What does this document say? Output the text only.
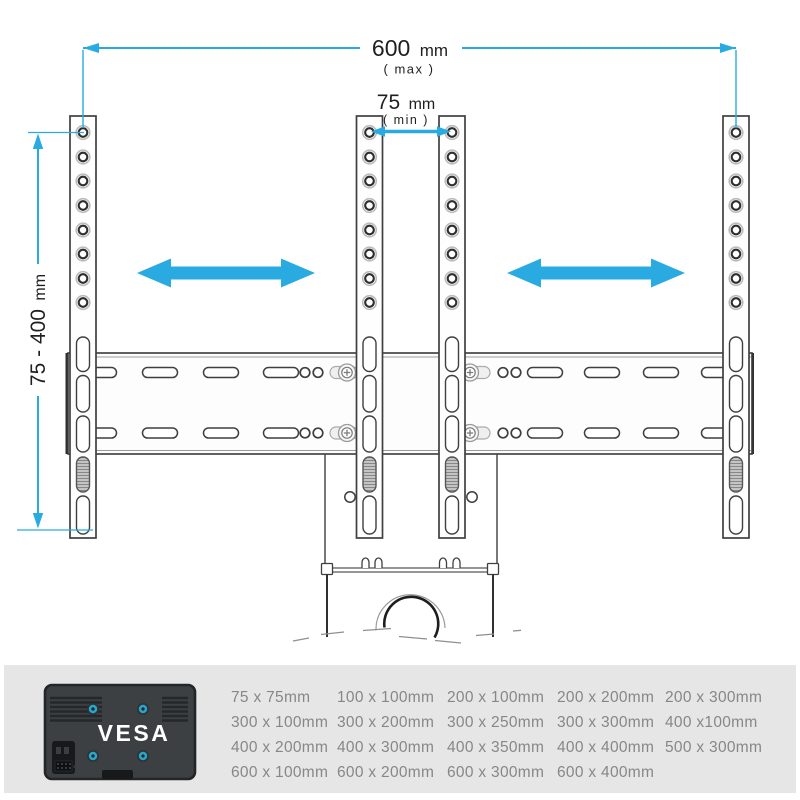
600 mm
( max )
75 mm
( min )
75 - 400 mm
VESA
75 x 75mm	100 x 100mm 200 x 100mm 200 x 200mm 200 x 300mm
300 x 100mm 300 x 200mm 300 x 250mm 300 x 300mm 400 x100mm
400 x 200mm 400 x 300mm 400 x 350mm 400 x 400mm 500 x 300mm
600 x 100mm 600 x 200mm 600 x 300mm 600 x 400mm
